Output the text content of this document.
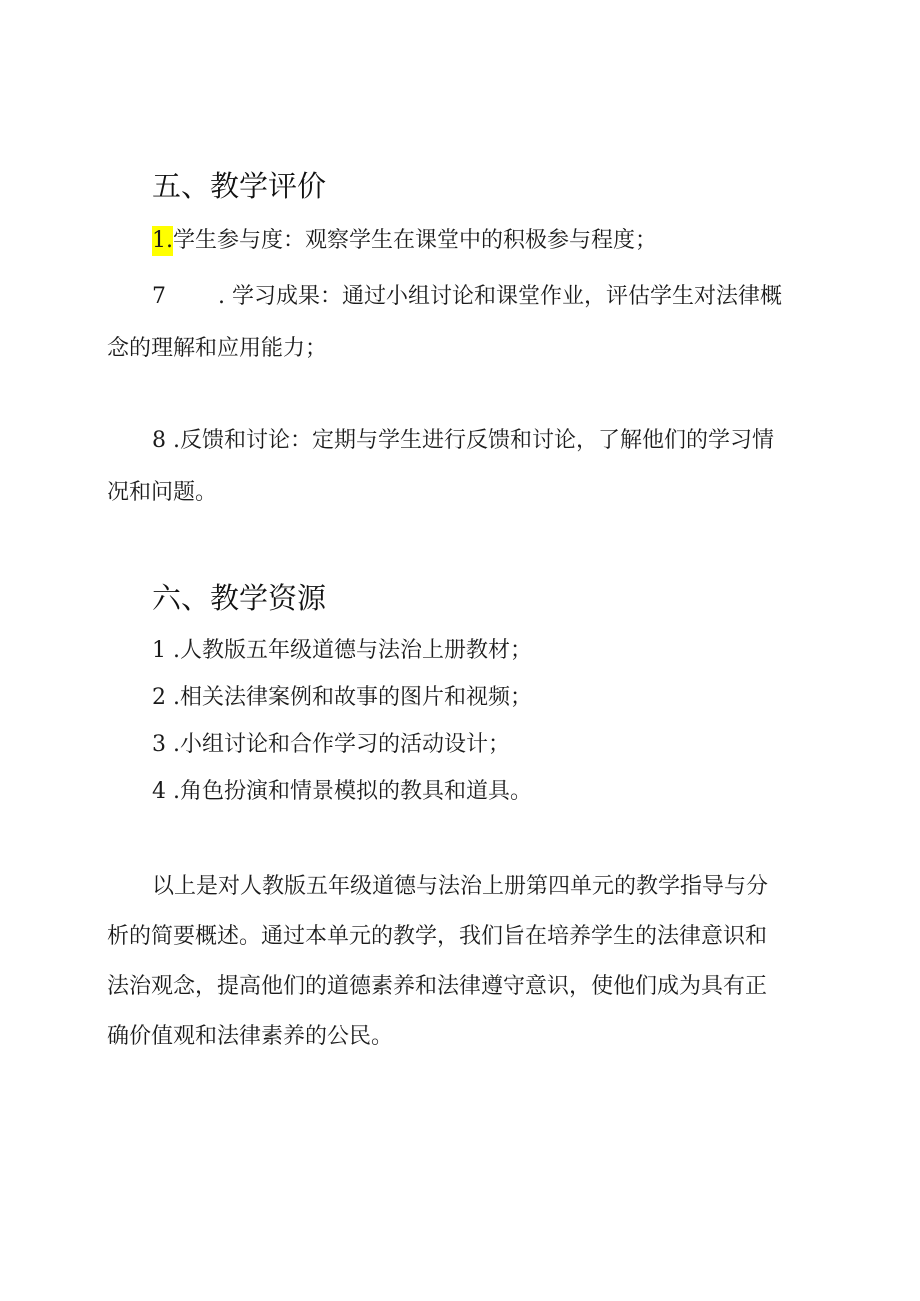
五、教学评价
1.学生参与度：观察学生在课堂中的积极参与程度；
7 . 学习成果：通过小组讨论和课堂作业，评估学生对法律概
念的理解和应用能力；
8 .反馈和讨论：定期与学生进行反馈和讨论，了解他们的学习情
况和问题。
六、教学资源
1 .人教版五年级道德与法治上册教材；
2 .相关法律案例和故事的图片和视频；
3 .小组讨论和合作学习的活动设计；
4 .角色扮演和情景模拟的教具和道具。
以上是对人教版五年级道德与法治上册第四单元的教学指导与分
析的简要概述。通过本单元的教学，我们旨在培养学生的法律意识和
法治观念，提高他们的道德素养和法律遵守意识，使他们成为具有正
确价值观和法律素养的公民。
